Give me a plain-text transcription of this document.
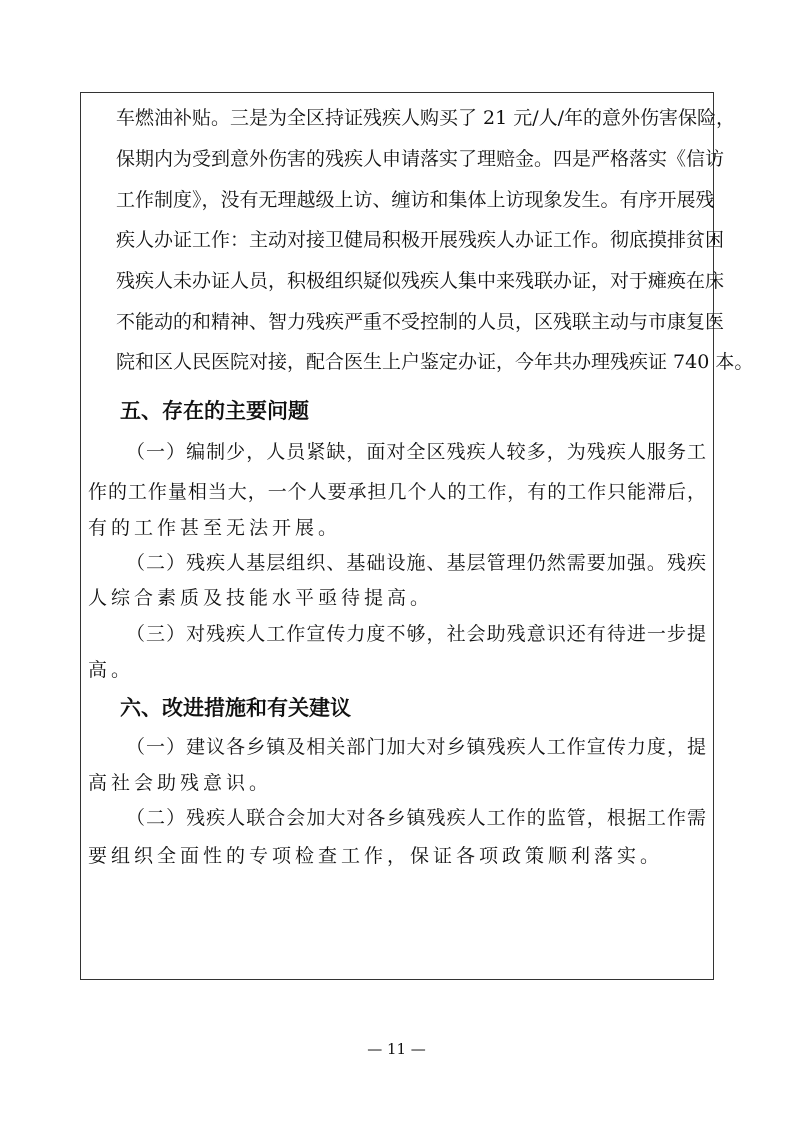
车燃油补贴。三是为全区持证残疾人购买了 21 元/人/年的意外伤害保险，
保期内为受到意外伤害的残疾人申请落实了理赔金。四是严格落实《信访
工作制度》，没有无理越级上访、缠访和集体上访现象发生。有序开展残
疾人办证工作：主动对接卫健局积极开展残疾人办证工作。彻底摸排贫困
残疾人未办证人员，积极组织疑似残疾人集中来残联办证，对于瘫痪在床
不能动的和精神、智力残疾严重不受控制的人员，区残联主动与市康复医
院和区人民医院对接，配合医生上户鉴定办证，今年共办理残疾证 740 本。
五、存在的主要问题
（一）编制少，人员紧缺，面对全区残疾人较多，为残疾人服务工
作的工作量相当大，一个人要承担几个人的工作，有的工作只能滞后，
有的工作甚至无法开展。
（二）残疾人基层组织、基础设施、基层管理仍然需要加强。残疾
人综合素质及技能水平亟待提高。
（三）对残疾人工作宣传力度不够，社会助残意识还有待进一步提
高。
六、改进措施和有关建议
（一）建议各乡镇及相关部门加大对乡镇残疾人工作宣传力度，提
高社会助残意识。
（二）残疾人联合会加大对各乡镇残疾人工作的监管，根据工作需
要组织全面性的专项检查工作，保证各项政策顺利落实。
— 11 —
